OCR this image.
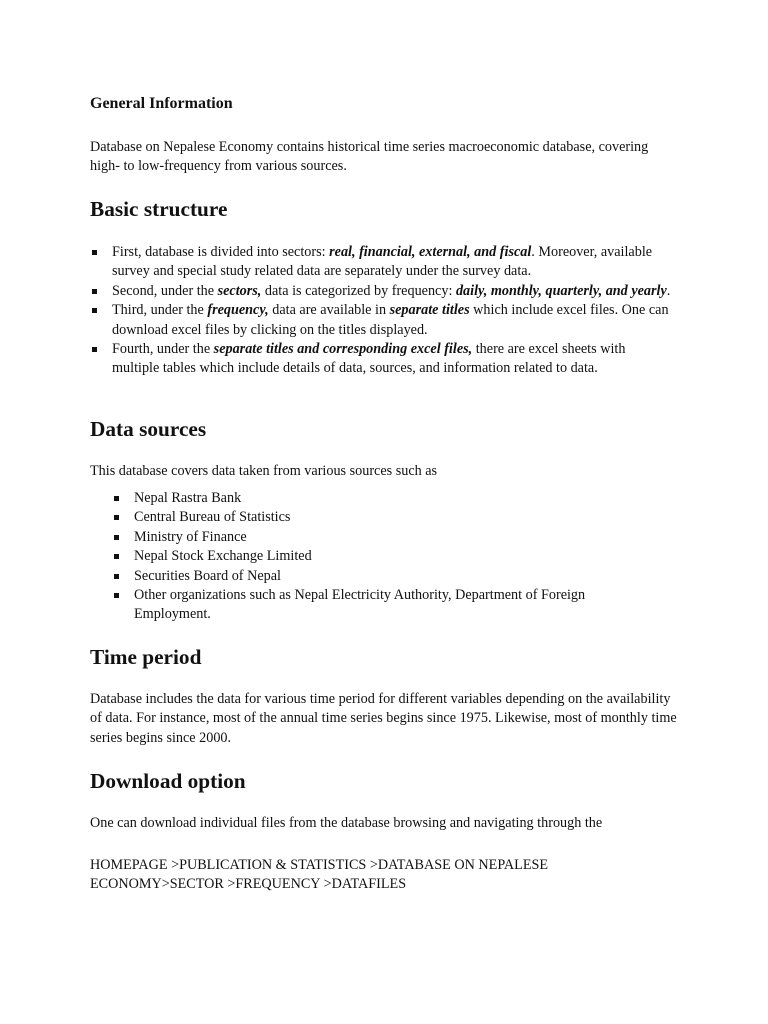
General Information

Database on Nepalese Economy contains historical time series macroeconomic database, covering high- to low-frequency from various sources.

Basic structure
First, database is divided into sectors: real, financial, external, and fiscal. Moreover, available survey and special study related data are separately under the survey data.
Second, under the sectors, data is categorized by frequency: daily, monthly, quarterly, and yearly.
Third, under the frequency, data are available in separate titles which include excel files. One can download excel files by clicking on the titles displayed.
Fourth, under the separate titles and corresponding excel files, there are excel sheets with multiple tables which include details of data, sources, and information related to data.
Data sources

This database covers data taken from various sources such as

Nepal Rastra Bank
Central Bureau of Statistics
Ministry of Finance
Nepal Stock Exchange Limited
Securities Board of Nepal
Other organizations such as Nepal Electricity Authority, Department of Foreign Employment.
Time period

Database includes the data for various time period for different variables depending on the availability of data. For instance, most of the annual time series begins since 1975. Likewise, most of monthly time series begins since 2000.

Download option

One can download individual files from the database browsing and navigating through the

HOMEPAGE >PUBLICATION & STATISTICS >DATABASE ON NEPALESE
ECONOMY>SECTOR >FREQUENCY >DATAFILES
